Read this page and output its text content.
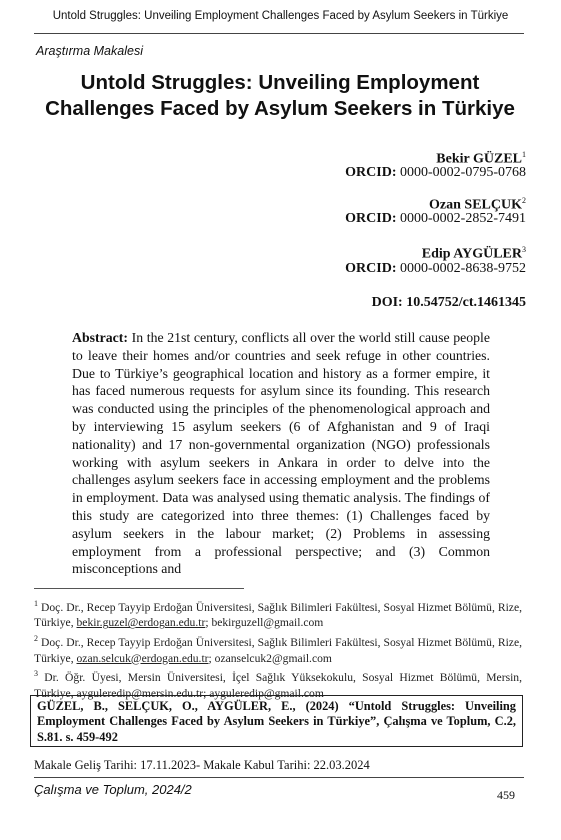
Untold Struggles: Unveiling Employment Challenges Faced by Asylum Seekers in Türkiye
Araştırma Makalesi
Untold Struggles: Unveiling Employment Challenges Faced by Asylum Seekers in Türkiye
Bekir GÜZEL$^1$
ORCID: 0000-0002-0795-0768
Ozan SELÇUK$^2$
ORCID: 0000-0002-2852-7491
Edip AYGÜLER$^3$
ORCID: 0000-0002-8638-9752
DOI: 10.54752/ct.1461345
Abstract: In the 21st century, conflicts all over the world still cause people to leave their homes and/or countries and seek refuge in other countries. Due to Türkiye’s geographical location and history as a former empire, it has faced numerous requests for asylum since its founding. This research was conducted using the principles of the phenomenological approach and by interviewing 15 asylum seekers (6 of Afghanistan and 9 of Iraqi nationality) and 17 non-governmental organization (NGO) professionals working with asylum seekers in Ankara in order to delve into the challenges asylum seekers face in accessing employment and the problems in employment. Data was analysed using thematic analysis. The findings of this study are categorized into three themes: (1) Challenges faced by asylum seekers in the labour market; (2) Problems in assessing employment from a professional perspective; and (3) Common misconceptions and
$^1$ Doç. Dr., Recep Tayyip Erdoğan Üniversitesi, Sağlık Bilimleri Fakültesi, Sosyal Hizmet Bölümü, Rize, Türkiye, bekir.guzel@erdogan.edu.tr; bekirguzell@gmail.com
$^2$ Doç. Dr., Recep Tayyip Erdoğan Üniversitesi, Sağlık Bilimleri Fakültesi, Sosyal Hizmet Bölümü, Rize, Türkiye, ozan.selcuk@erdogan.edu.tr; ozanselcuk2@gmail.com
$^3$ Dr. Öğr. Üyesi, Mersin Üniversitesi, İçel Sağlık Yüksekokulu, Sosyal Hizmet Bölümü, Mersin, Türkiye, ayguleredip@mersin.edu.tr; ayguleredip@gmail.com
GÜZEL, B., SELÇUK, O., AYGÜLER, E., (2024) “Untold Struggles: Unveiling Employment Challenges Faced by Asylum Seekers in Türkiye”, Çalışma ve Toplum, C.2, S.81. s. 459-492
Makale Geliş Tarihi: 17.11.2023- Makale Kabul Tarihi: 22.03.2024
Çalışma ve Toplum, 2024/2	459
